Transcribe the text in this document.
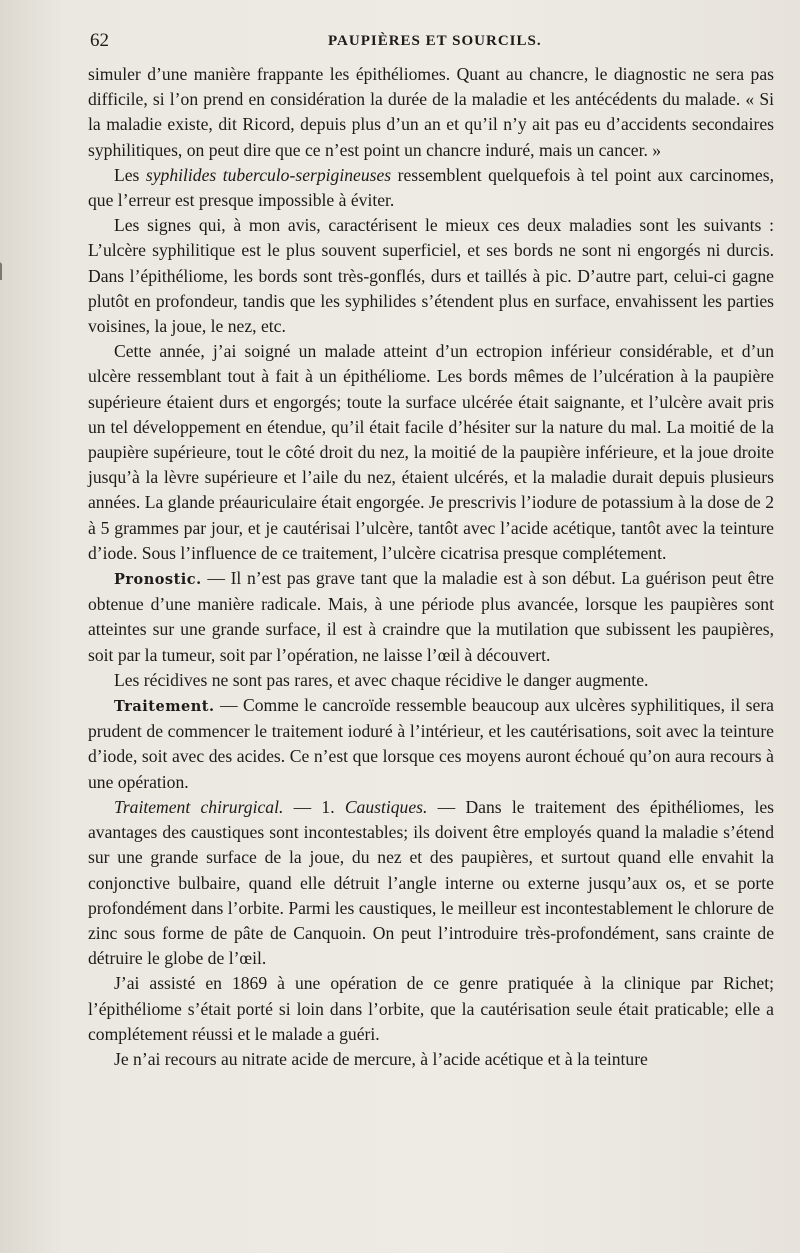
62	PAUPIÈRES ET SOURCILS.

simuler d’une manière frappante les épithéliomes. Quant au chancre, le diagnostic ne sera pas difficile, si l’on prend en considération la durée de la maladie et les antécédents du malade. « Si la maladie existe, dit Ricord, depuis plus d’un an et qu’il n’y ait pas eu d’accidents secondaires syphilitiques, on peut dire que ce n’est point un chancre induré, mais un cancer. »

Les syphilides tuberculo-serpigineuses ressemblent quelquefois à tel point aux carcinomes, que l’erreur est presque impossible à éviter.

Les signes qui, à mon avis, caractérisent le mieux ces deux maladies sont les suivants : L’ulcère syphilitique est le plus souvent superficiel, et ses bords ne sont ni engorgés ni durcis. Dans l’épithéliome, les bords sont très-gonflés, durs et taillés à pic. D’autre part, celui-ci gagne plutôt en profondeur, tandis que les syphilides s’étendent plus en surface, envahissent les parties voisines, la joue, le nez, etc.

Cette année, j’ai soigné un malade atteint d’un ectropion inférieur considérable, et d’un ulcère ressemblant tout à fait à un épithéliome. Les bords mêmes de l’ulcération à la paupière supérieure étaient durs et engorgés; toute la surface ulcérée était saignante, et l’ulcère avait pris un tel développement en étendue, qu’il était facile d’hésiter sur la nature du mal. La moitié de la paupière supérieure, tout le côté droit du nez, la moitié de la paupière inférieure, et la joue droite jusqu’à la lèvre supérieure et l’aile du nez, étaient ulcérés, et la maladie durait depuis plusieurs années. La glande préauriculaire était engorgée. Je prescrivis l’iodure de potassium à la dose de 2 à 5 grammes par jour, et je cautérisai l’ulcère, tantôt avec l’acide acétique, tantôt avec la teinture d’iode. Sous l’influence de ce traitement, l’ulcère cicatrisa presque complétement.

Pronostic. — Il n’est pas grave tant que la maladie est à son début. La guérison peut être obtenue d’une manière radicale. Mais, à une période plus avancée, lorsque les paupières sont atteintes sur une grande surface, il est à craindre que la mutilation que subissent les paupières, soit par la tumeur, soit par l’opération, ne laisse l’œil à découvert.

Les récidives ne sont pas rares, et avec chaque récidive le danger augmente.

Traitement. — Comme le cancroïde ressemble beaucoup aux ulcères syphilitiques, il sera prudent de commencer le traitement ioduré à l’intérieur, et les cautérisations, soit avec la teinture d’iode, soit avec des acides. Ce n’est que lorsque ces moyens auront échoué qu’on aura recours à une opération.

Traitement chirurgical. — 1. Caustiques. — Dans le traitement des épithéliomes, les avantages des caustiques sont incontestables; ils doivent être employés quand la maladie s’étend sur une grande surface de la joue, du nez et des paupières, et surtout quand elle envahit la conjonctive bulbaire, quand elle détruit l’angle interne ou externe jusqu’aux os, et se porte profondément dans l’orbite. Parmi les caustiques, le meilleur est incontestablement le chlorure de zinc sous forme de pâte de Canquoin. On peut l’introduire très-profondément, sans crainte de détruire le globe de l’œil.

J’ai assisté en 1869 à une opération de ce genre pratiquée à la clinique par Richet; l’épithéliome s’était porté si loin dans l’orbite, que la cautérisation seule était praticable; elle a complétement réussi et le malade a guéri.

Je n’ai recours au nitrate acide de mercure, à l’acide acétique et à la teinture
